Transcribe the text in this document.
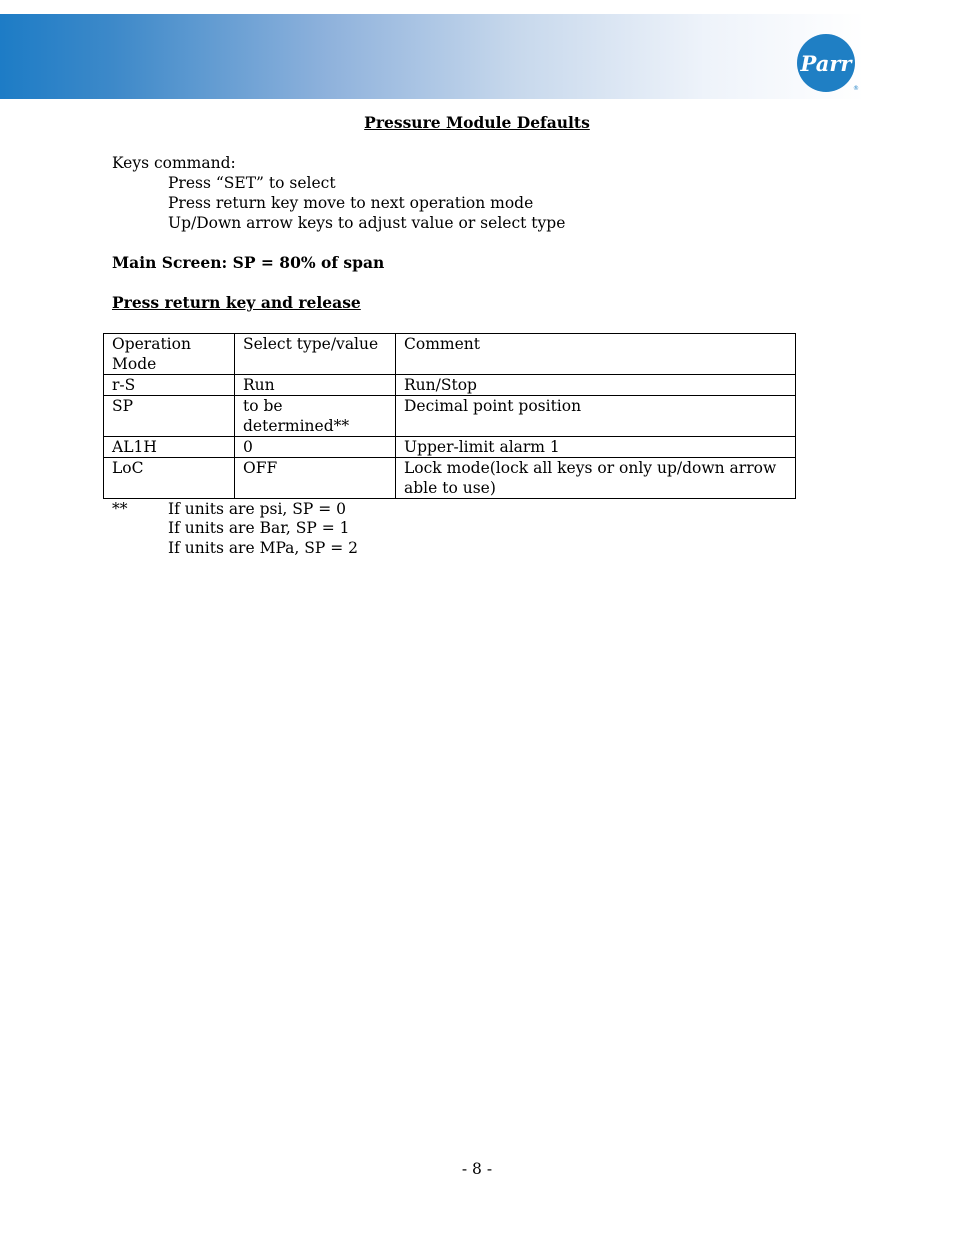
Parr
®
Pressure Module Defaults
Keys command:
Press “SET” to select
Press return key move to next operation mode
Up/Down arrow keys to adjust value or select type
Main Screen: SP = 80% of span
Press return key and release
Operation Mode	Select type/value	Comment
r-S	Run	Run/Stop
SP	to be determined**	Decimal point position
AL1H	0	Upper-limit alarm 1
LoC	OFF	Lock mode(lock all keys or only up/down arrow able to use)
**	If units are psi, SP = 0
If units are Bar, SP = 1
If units are MPa, SP = 2
- 8 -
